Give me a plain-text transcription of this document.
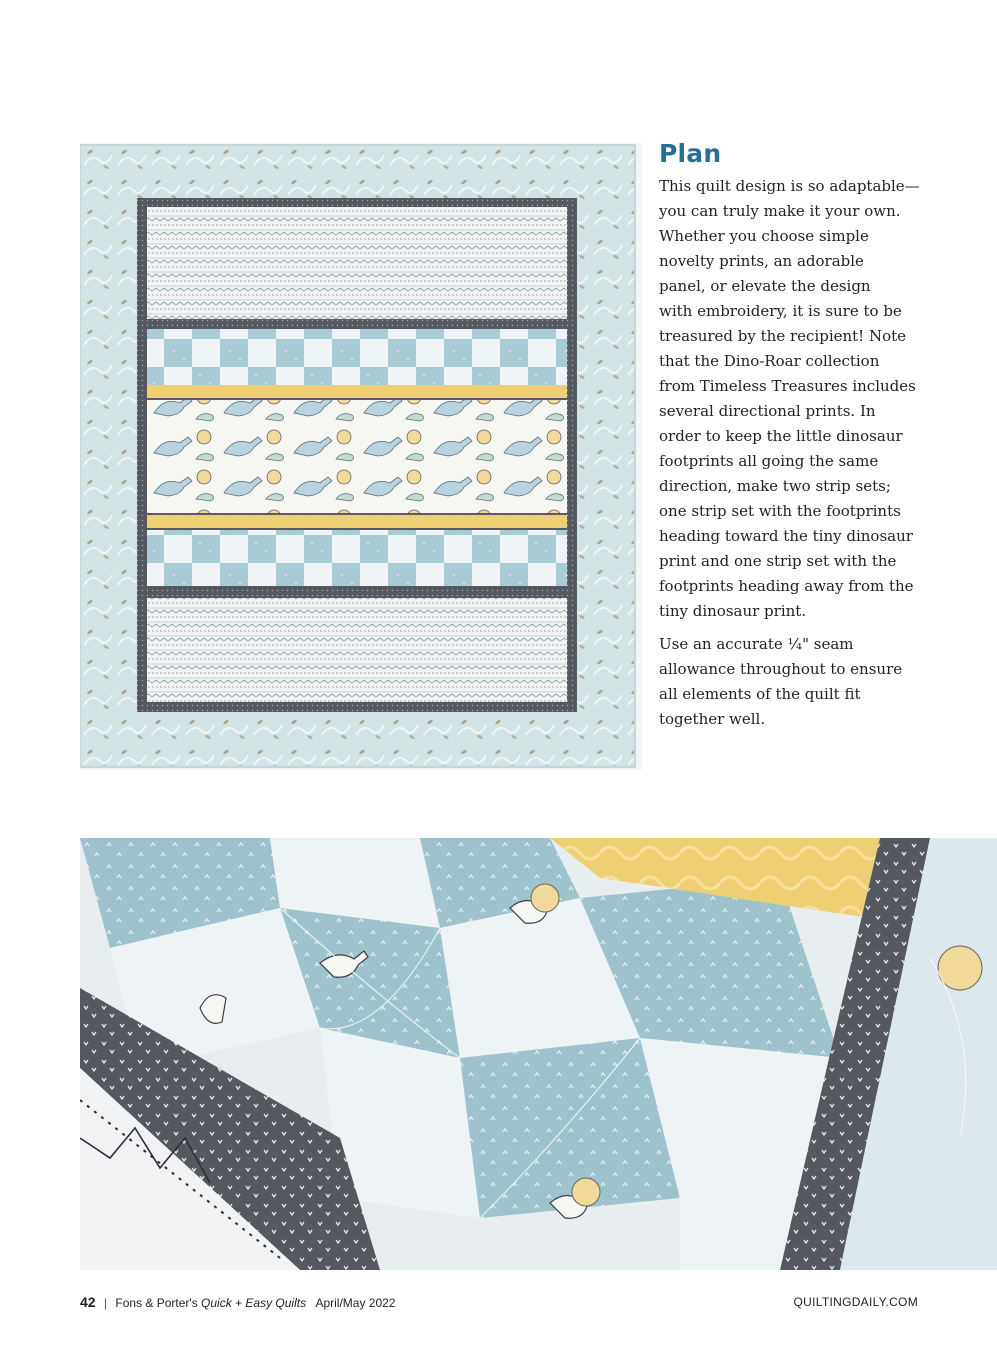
Plan

This quilt design is so adaptable—
you can truly make it your own.
Whether you choose simple
novelty prints, an adorable
panel, or elevate the design
with embroidery, it is sure to be
treasured by the recipient! Note
that the Dino-Roar collection
from Timeless Treasures includes
several directional prints. In
order to keep the little dinosaur
footprints all going the same
direction, make two strip sets;
one strip set with the footprints
heading toward the tiny dinosaur
print and one strip set with the
footprints heading away from the
tiny dinosaur print.

Use an accurate ¼" seam
allowance throughout to ensure
all elements of the quilt fit
together well.

42 | Fons & Porter's Quick + Easy Quilts April/May 2022	QUILTINGDAILY.COM
